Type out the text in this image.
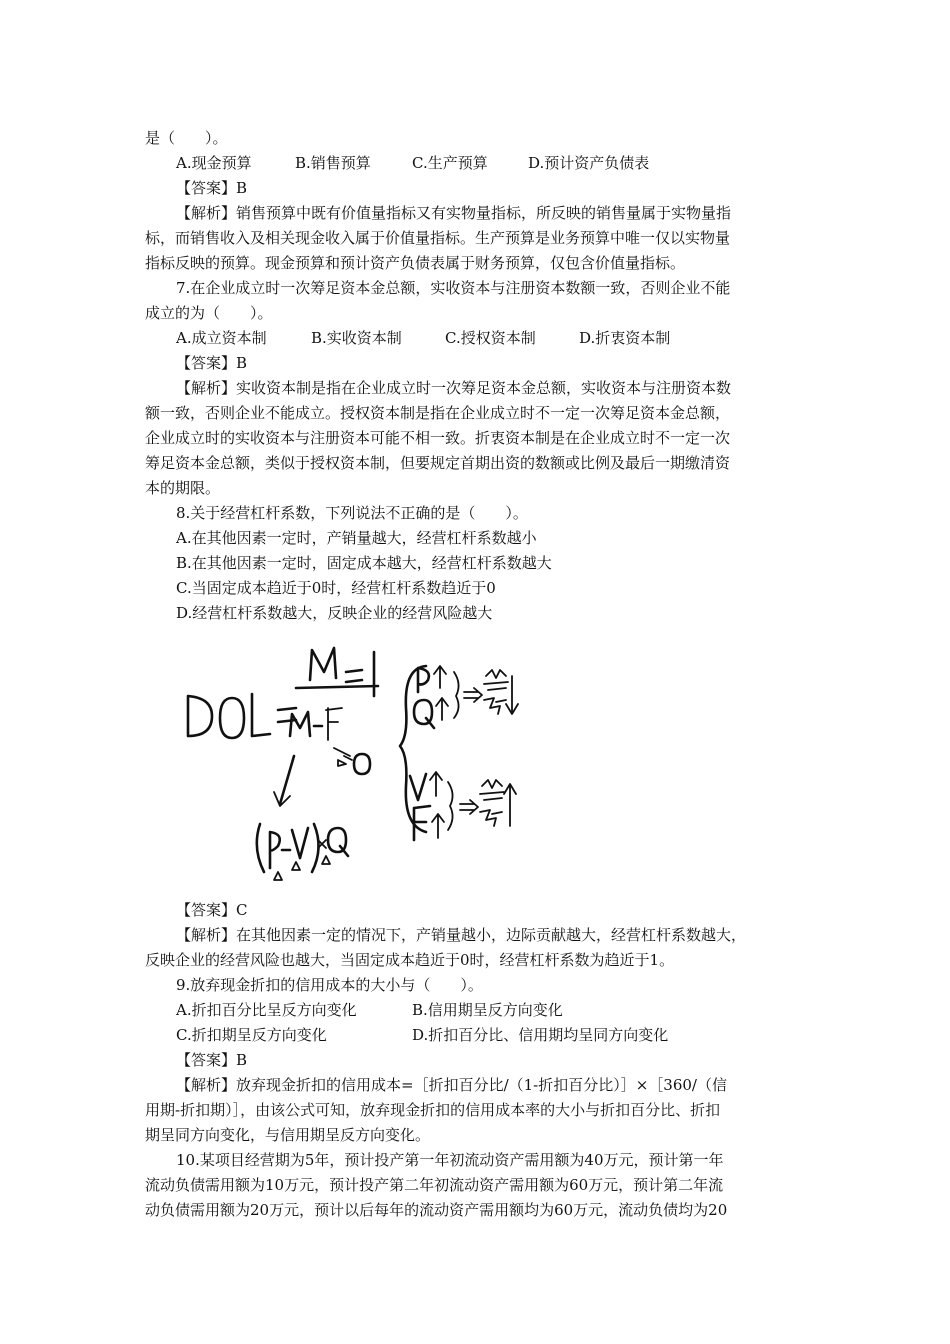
是（　　）。
A.现金预算	B.销售预算	C.生产预算	D.预计资产负债表
【答案】B
【解析】销售预算中既有价值量指标又有实物量指标，所反映的销售量属于实物量指
标，而销售收入及相关现金收入属于价值量指标。生产预算是业务预算中唯一仅以实物量
指标反映的预算。现金预算和预计资产负债表属于财务预算，仅包含价值量指标。
7.在企业成立时一次筹足资本金总额，实收资本与注册资本数额一致，否则企业不能
成立的为（　　）。
A.成立资本制	B.实收资本制	C.授权资本制	D.折衷资本制
【答案】B
【解析】实收资本制是指在企业成立时一次筹足资本金总额，实收资本与注册资本数
额一致，否则企业不能成立。授权资本制是指在企业成立时不一定一次筹足资本金总额，
企业成立时的实收资本与注册资本可能不相一致。折衷资本制是在企业成立时不一定一次
筹足资本金总额，类似于授权资本制，但要规定首期出资的数额或比例及最后一期缴清资
本的期限。
8.关于经营杠杆系数，下列说法不正确的是（　　）。
A.在其他因素一定时，产销量越大，经营杠杆系数越小
B.在其他因素一定时，固定成本越大，经营杠杆系数越大
C.当固定成本趋近于0时，经营杠杆系数趋近于0
D.经营杠杆系数越大，反映企业的经营风险越大
【答案】C
【解析】在其他因素一定的情况下，产销量越小，边际贡献越大，经营杠杆系数越大，
反映企业的经营风险也越大，当固定成本趋近于0时，经营杠杆系数为趋近于1。
9.放弃现金折扣的信用成本的大小与（　　）。
A.折扣百分比呈反方向变化	B.信用期呈反方向变化
C.折扣期呈反方向变化	D.折扣百分比、信用期均呈同方向变化
【答案】B
【解析】放弃现金折扣的信用成本=［折扣百分比/（1-折扣百分比）］×［360/（信
用期-折扣期）］，由该公式可知，放弃现金折扣的信用成本率的大小与折扣百分比、折扣
期呈同方向变化，与信用期呈反方向变化。
10.某项目经营期为5年，预计投产第一年初流动资产需用额为40万元，预计第一年
流动负债需用额为10万元，预计投产第二年初流动资产需用额为60万元，预计第二年流
动负债需用额为20万元，预计以后每年的流动资产需用额均为60万元，流动负债均为20
